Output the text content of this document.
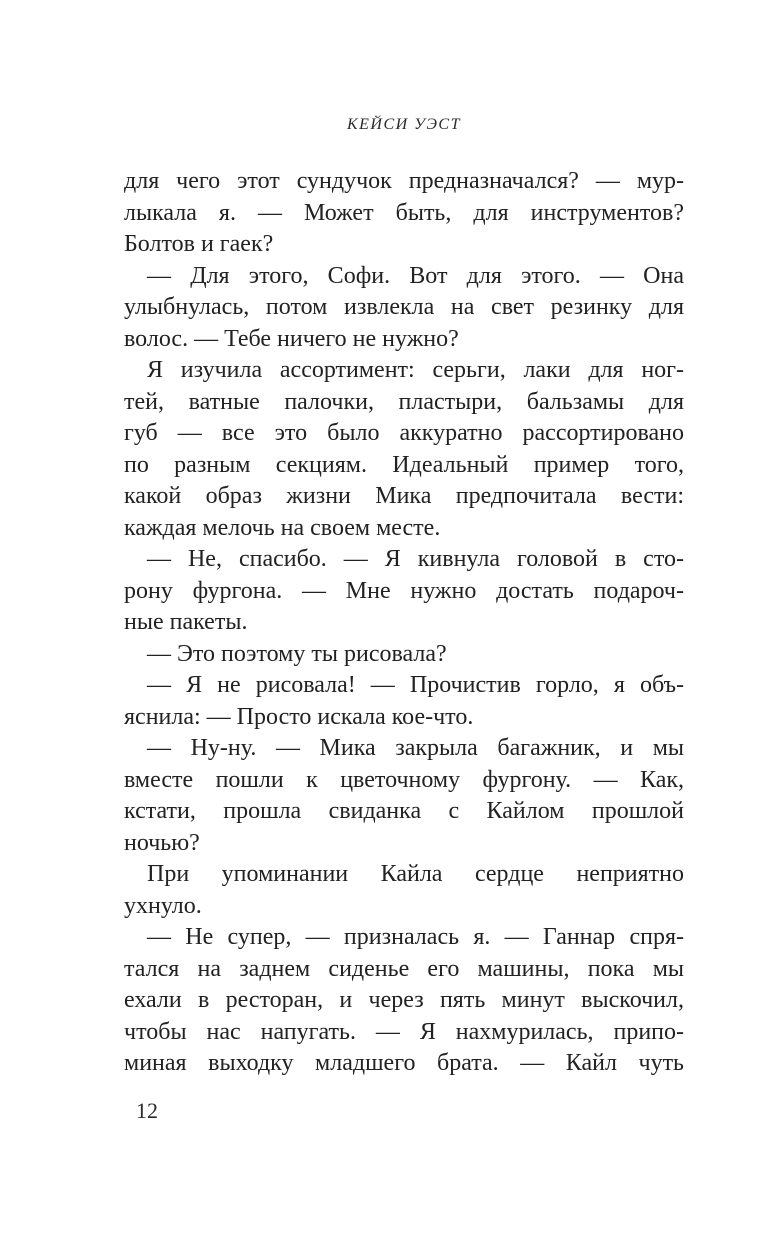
КЕЙСИ УЭСТ
для чего этот сундучок предназначался? — мур-
лыкала я. — Может быть, для инструментов?
Болтов и гаек?
— Для этого, Софи. Вот для этого. — Она
улыбнулась, потом извлекла на свет резинку для
волос. — Тебе ничего не нужно?
Я изучила ассортимент: серьги, лаки для ног-
тей, ватные палочки, пластыри, бальзамы для
губ — все это было аккуратно рассортировано
по разным секциям. Идеальный пример того,
какой образ жизни Мика предпочитала вести:
каждая мелочь на своем месте.
— Не, спасибо. — Я кивнула головой в сто-
рону фургона. — Мне нужно достать подароч-
ные пакеты.
— Это поэтому ты рисовала?
— Я не рисовала! — Прочистив горло, я объ-
яснила: — Просто искала кое-что.
— Ну-ну. — Мика закрыла багажник, и мы
вместе пошли к цветочному фургону. — Как,
кстати, прошла свиданка с Кайлом прошлой
ночью?
При упоминании Кайла сердце неприятно
ухнуло.
— Не супер, — призналась я. — Ганнар спря-
тался на заднем сиденье его машины, пока мы
ехали в ресторан, и через пять минут выскочил,
чтобы нас напугать. — Я нахмурилась, припо-
миная выходку младшего брата. — Кайл чуть
12
